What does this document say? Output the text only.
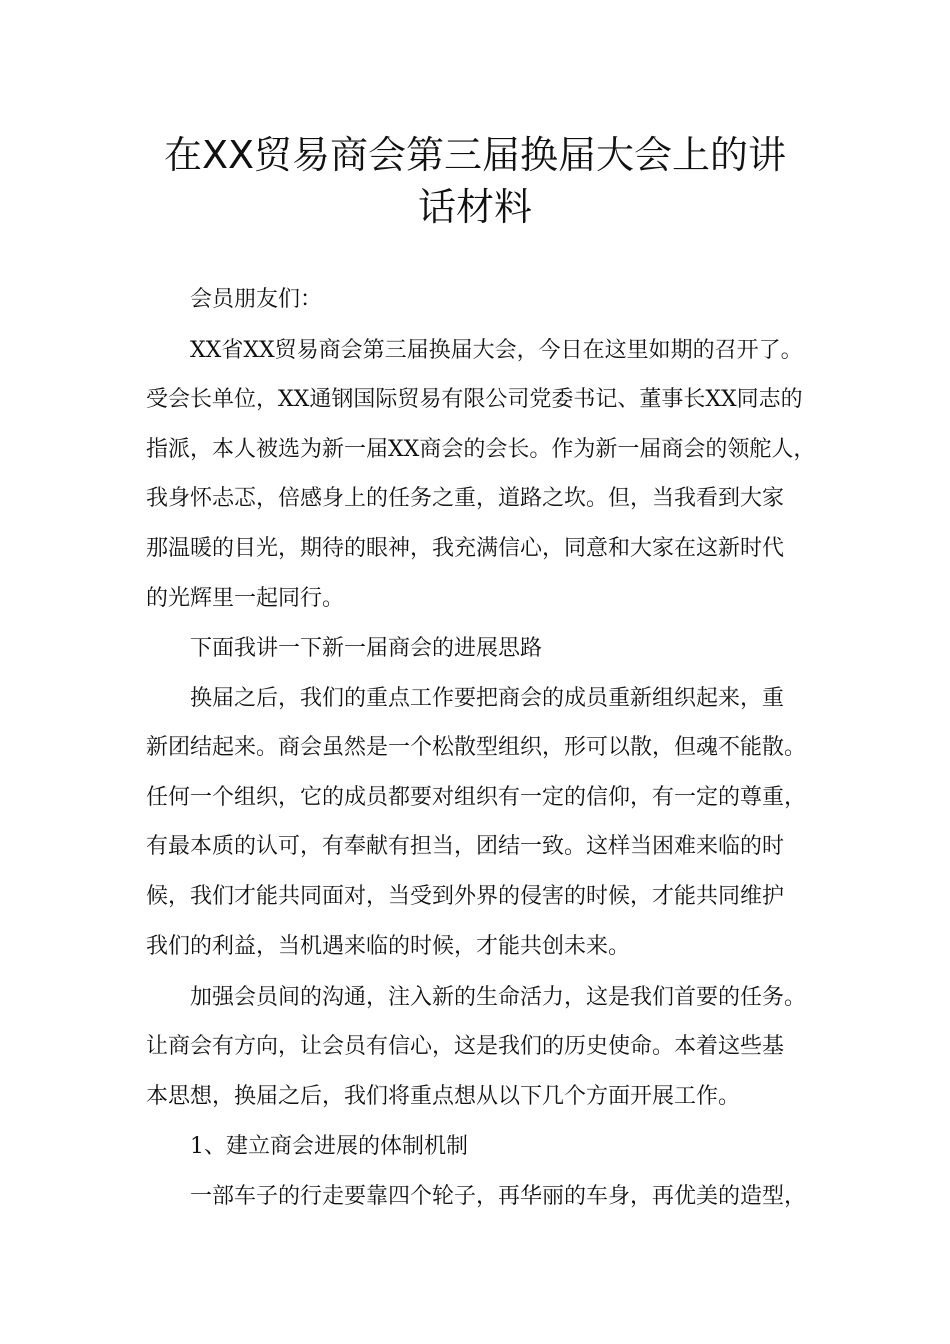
在XX贸易商会第三届换届大会上的讲
话材料
会员朋友们：
XX省XX贸易商会第三届换届大会，今日在这里如期的召开了。
受会长单位，XX通钢国际贸易有限公司党委书记、董事长XX同志的
指派，本人被选为新一届XX商会的会长。作为新一届商会的领舵人，
我身怀忐忑，倍感身上的任务之重，道路之坎。但，当我看到大家
那温暖的目光，期待的眼神，我充满信心，同意和大家在这新时代
的光辉里一起同行。
下面我讲一下新一届商会的进展思路
换届之后，我们的重点工作要把商会的成员重新组织起来，重
新团结起来。商会虽然是一个松散型组织，形可以散，但魂不能散。
任何一个组织，它的成员都要对组织有一定的信仰，有一定的尊重，
有最本质的认可，有奉献有担当，团结一致。这样当困难来临的时
候，我们才能共同面对，当受到外界的侵害的时候，才能共同维护
我们的利益，当机遇来临的时候，才能共创未来。
加强会员间的沟通，注入新的生命活力，这是我们首要的任务。
让商会有方向，让会员有信心，这是我们的历史使命。本着这些基
本思想，换届之后，我们将重点想从以下几个方面开展工作。
1、建立商会进展的体制机制
一部车子的行走要靠四个轮子，再华丽的车身，再优美的造型，
